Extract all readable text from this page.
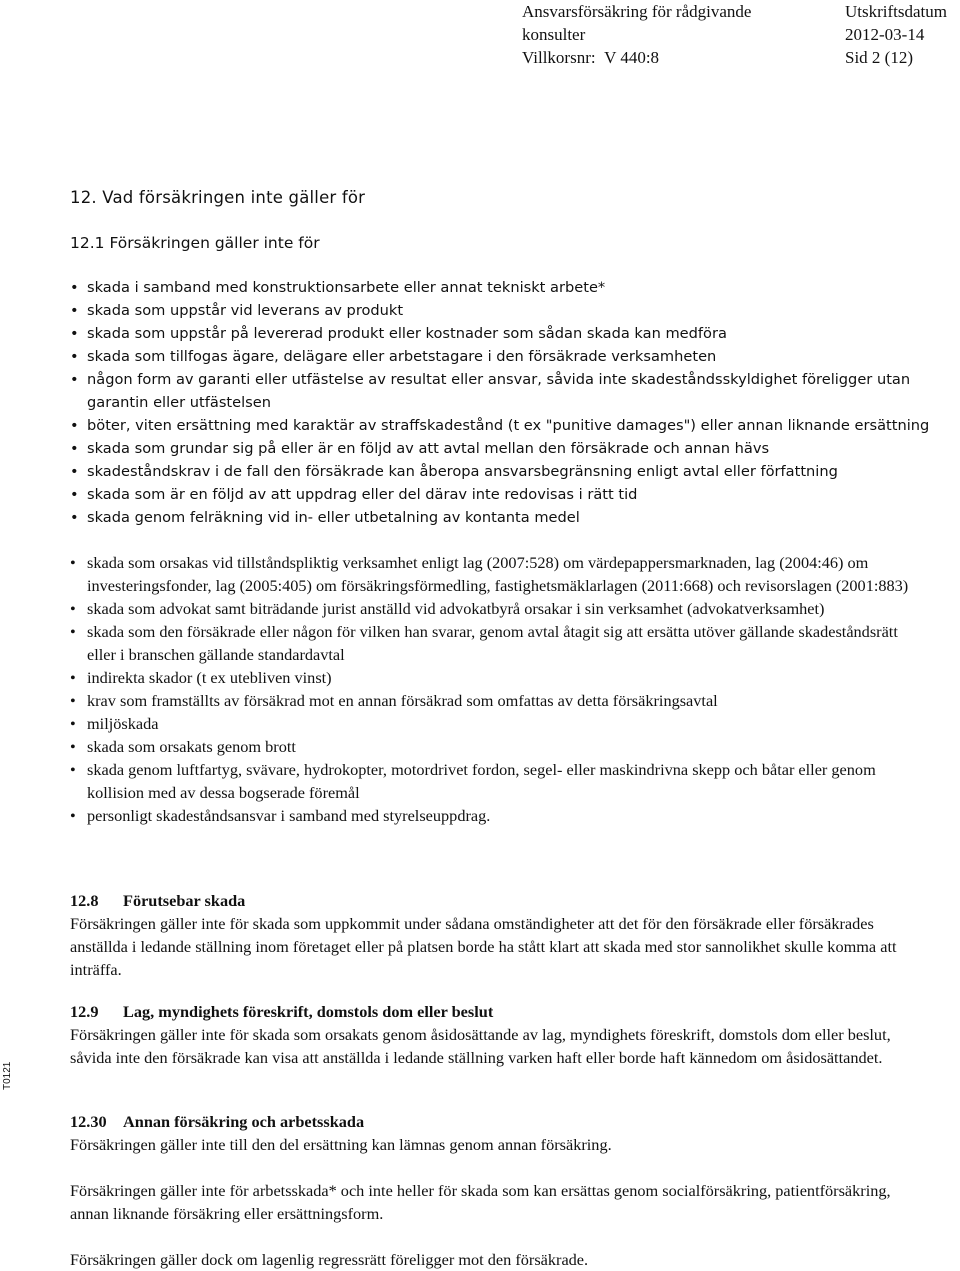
Ansvarsförsäkring för rådgivande	Utskriftsdatum
konsulter	2012-03-14
Villkorsnr: V 440:8	Sid 2 (12)
12. Vad försäkringen inte gäller för
12.1 Försäkringen gäller inte för
• skada i samband med konstruktionsarbete eller annat tekniskt arbete*
• skada som uppstår vid leverans av produkt
• skada som uppstår på levererad produkt eller kostnader som sådan skada kan medföra
• skada som tillfogas ägare, delägare eller arbetstagare i den försäkrade verksamheten
• någon form av garanti eller utfästelse av resultat eller ansvar, såvida inte skadeståndsskyldighet föreligger utan garantin eller utfästelsen
• böter, viten ersättning med karaktär av straffskadestånd (t ex "punitive damages") eller annan liknande ersättning
• skada som grundar sig på eller är en följd av att avtal mellan den försäkrade och annan hävs
• skadeståndskrav i de fall den försäkrade kan åberopa ansvarsbegränsning enligt avtal eller författning
• skada som är en följd av att uppdrag eller del därav inte redovisas i rätt tid
• skada genom felräkning vid in- eller utbetalning av kontanta medel
• skada som orsakas vid tillståndspliktig verksamhet enligt lag (2007:528) om värdepappersmarknaden, lag (2004:46) om investeringsfonder, lag (2005:405) om försäkringsförmedling, fastighetsmäklarlagen (2011:668) och revisorslagen (2001:883)
• skada som advokat samt biträdande jurist anställd vid advokatbyrå orsakar i sin verksamhet (advokatverksamhet)
• skada som den försäkrade eller någon för vilken han svarar, genom avtal åtagit sig att ersätta utöver gällande skadeståndsrätt eller i branschen gällande standardavtal
• indirekta skador (t ex utebliven vinst)
• krav som framställts av försäkrad mot en annan försäkrad som omfattas av detta försäkringsavtal
• miljöskada
• skada som orsakats genom brott
• skada genom luftfartyg, svävare, hydrokopter, motordrivet fordon, segel- eller maskindrivna skepp och båtar eller genom kollision med av dessa bogserade föremål
• personligt skadeståndsansvar i samband med styrelseuppdrag.
12.8 Förutsebar skada

Försäkringen gäller inte för skada som uppkommit under sådana omständigheter att det för den försäkrade eller försäkrades anställda i ledande ställning inom företaget eller på platsen borde ha stått klart att skada med stor sannolikhet skulle komma att inträffa.

12.9 Lag, myndighets föreskrift, domstols dom eller beslut

Försäkringen gäller inte för skada som orsakats genom åsidosättande av lag, myndighets föreskrift, domstols dom eller beslut, såvida inte den försäkrade kan visa att anställda i ledande ställning varken haft eller borde haft kännedom om åsidosättandet.

12.30 Annan försäkring och arbetsskada

Försäkringen gäller inte till den del ersättning kan lämnas genom annan försäkring.

Försäkringen gäller inte för arbetsskada* och inte heller för skada som kan ersättas genom socialförsäkring, patientförsäkring, annan liknande försäkring eller ersättningsform.

Försäkringen gäller dock om lagenlig regressrätt föreligger mot den försäkrade.

T0121
